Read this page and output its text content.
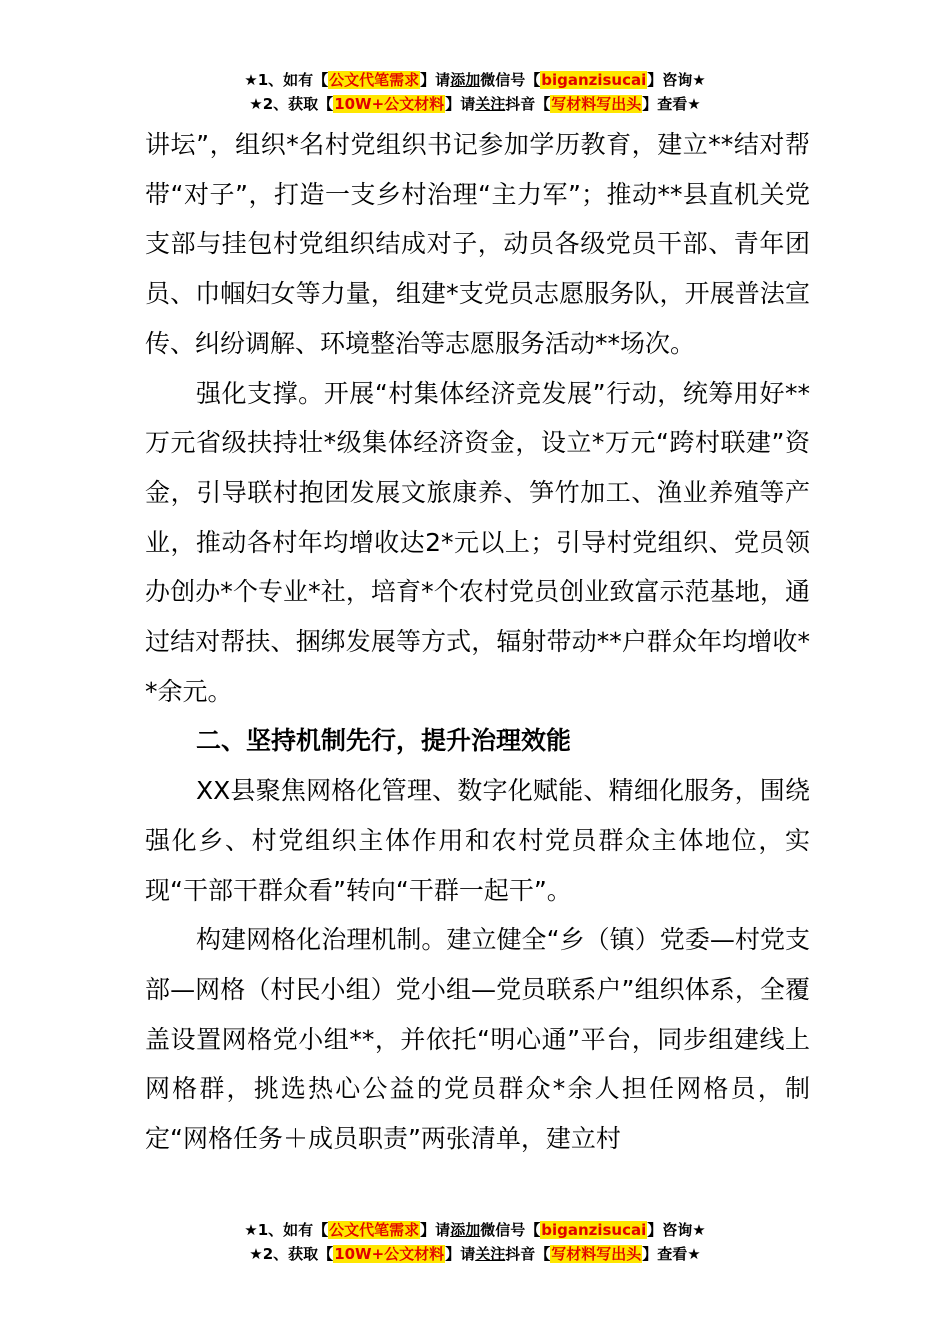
★1、如有【公文代笔需求】请添加微信号【biganzisucai】咨询★
★2、获取【10W+公文材料】请关注抖音【写材料写出头】查看★

讲坛”，组织*名村党组织书记参加学历教育，建立**结对帮带“对子”，打造一支乡村治理“主力军”；推动**县直机关党支部与挂包村党组织结成对子，动员各级党员干部、青年团员、巾帼妇女等力量，组建*支党员志愿服务队，开展普法宣传、纠纷调解、环境整治等志愿服务活动**场次。

强化支撑。开展“村集体经济竞发展”行动，统筹用好**万元省级扶持壮*级集体经济资金，设立*万元“跨村联建”资金，引导联村抱团发展文旅康养、笋竹加工、渔业养殖等产业，推动各村年均增收达2*元以上；引导村党组织、党员领办创办*个专业*社，培育*个农村党员创业致富示范基地，通过结对帮扶、捆绑发展等方式，辐射带动**户群众年均增收**余元。

二、坚持机制先行，提升治理效能

XX县聚焦网格化管理、数字化赋能、精细化服务，围绕强化乡、村党组织主体作用和农村党员群众主体地位，实现“干部干群众看”转向“干群一起干”。

构建网格化治理机制。建立健全“乡（镇）党委—村党支部—网格（村民小组）党小组—党员联系户”组织体系，全覆盖设置网格党小组**，并依托“明心通”平台，同步组建线上网格群，挑选热心公益的党员群众*余人担任网格员，制定“网格任务＋成员职责”两张清单，建立村

★1、如有【公文代笔需求】请添加微信号【biganzisucai】咨询★
★2、获取【10W+公文材料】请关注抖音【写材料写出头】查看★
